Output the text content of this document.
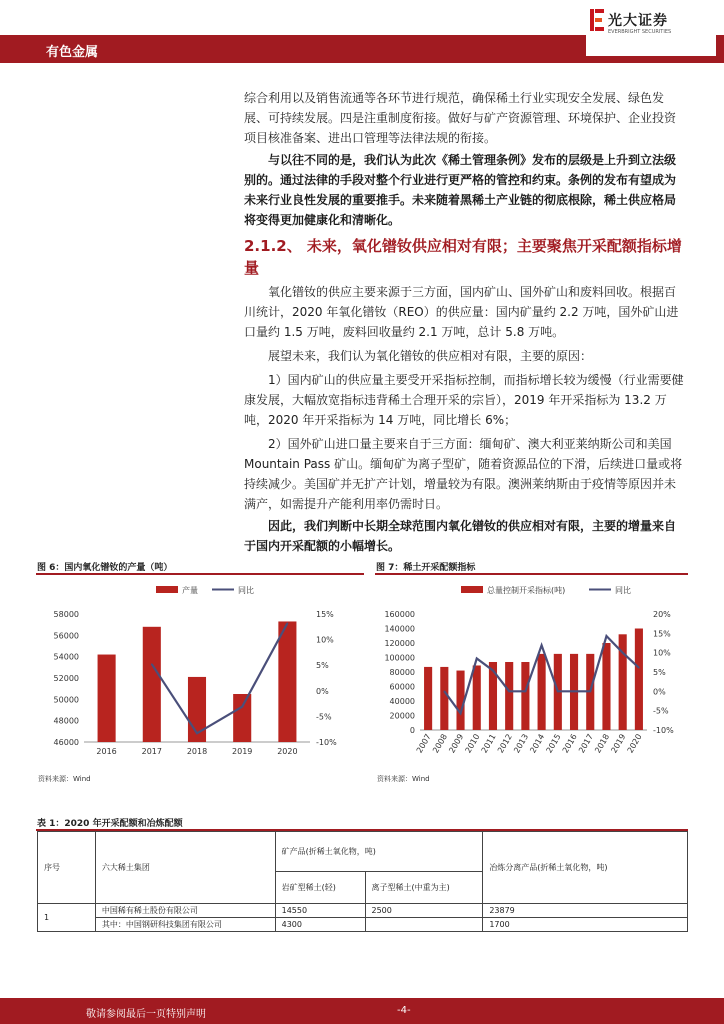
有色金属
光大证券
EVERBRIGHT SECURITIES

综合利用以及销售流通等各环节进行规范，确保稀土行业实现安全发展、绿色发展、可持续发展。四是注重制度衔接。做好与矿产资源管理、环境保护、企业投资项目核准备案、进出口管理等法律法规的衔接。

与以往不同的是，我们认为此次《稀土管理条例》发布的层级是上升到立法级别的。通过法律的手段对整个行业进行更严格的管控和约束。条例的发布有望成为未来行业良性发展的重要推手。未来随着黑稀土产业链的彻底根除，稀土供应格局将变得更加健康化和清晰化。

2.1.2、 未来，氧化镨钕供应相对有限；主要聚焦开采配额指标增量

氧化镨钕的供应主要来源于三方面，国内矿山、国外矿山和废料回收。根据百川统计，2020 年氧化镨钕（REO）的供应量：国内矿量约 2.2 万吨，国外矿山进口量约 1.5 万吨，废料回收量约 2.1 万吨，总计 5.8 万吨。

展望未来，我们认为氧化镨钕的供应相对有限，主要的原因：

1）国内矿山的供应量主要受开采指标控制，而指标增长较为缓慢（行业需要健康发展，大幅放宽指标违背稀土合理开采的宗旨），2019 年开采指标为 13.2 万吨，2020 年开采指标为 14 万吨，同比增长 6%；

2）国外矿山进口量主要来自于三方面：缅甸矿、澳大利亚莱纳斯公司和美国 Mountain Pass 矿山。缅甸矿为离子型矿，随着资源品位的下滑，后续进口量或将持续减少。美国矿并无扩产计划，增量较为有限。澳洲莱纳斯由于疫情等原因并未满产，如需提升产能利用率仍需时日。

因此，我们判断中长期全球范围内氧化镨钕的供应相对有限，主要的增量来自于国内开采配额的小幅增长。

图 6：国内氧化镨钕的产量（吨）
产量	同比
58000
56000
54000
52000
50000
48000
46000
15%
10%
5%
0%
-5%
-10%
2016	2017	2018	2019	2020
资料来源：Wind
图 7：稀土开采配额指标
总量控制开采指标(吨)	同比
160000
140000
120000
100000
80000
60000
40000
20000
0
20%
15%
10%
5%
0%
-5%
-10%
2007
2008
2009
2010
2011
2012
2013
2014
2015
2016
2017
2018
2019
2020
资料来源：Wind
表 1：2020 年开采配额和冶炼配额
序号	六大稀土集团	矿产品(折稀土氧化物，吨)		冶炼分离产品(折稀土氧化物，吨)
		岩矿型稀土(轻)	离子型稀土(中重为主)	
1	中国稀有稀土股份有限公司	14550	2500	23879
	其中：中国钢研科技集团有限公司	4300		1700
敬请参阅最后一页特别声明	-4-
